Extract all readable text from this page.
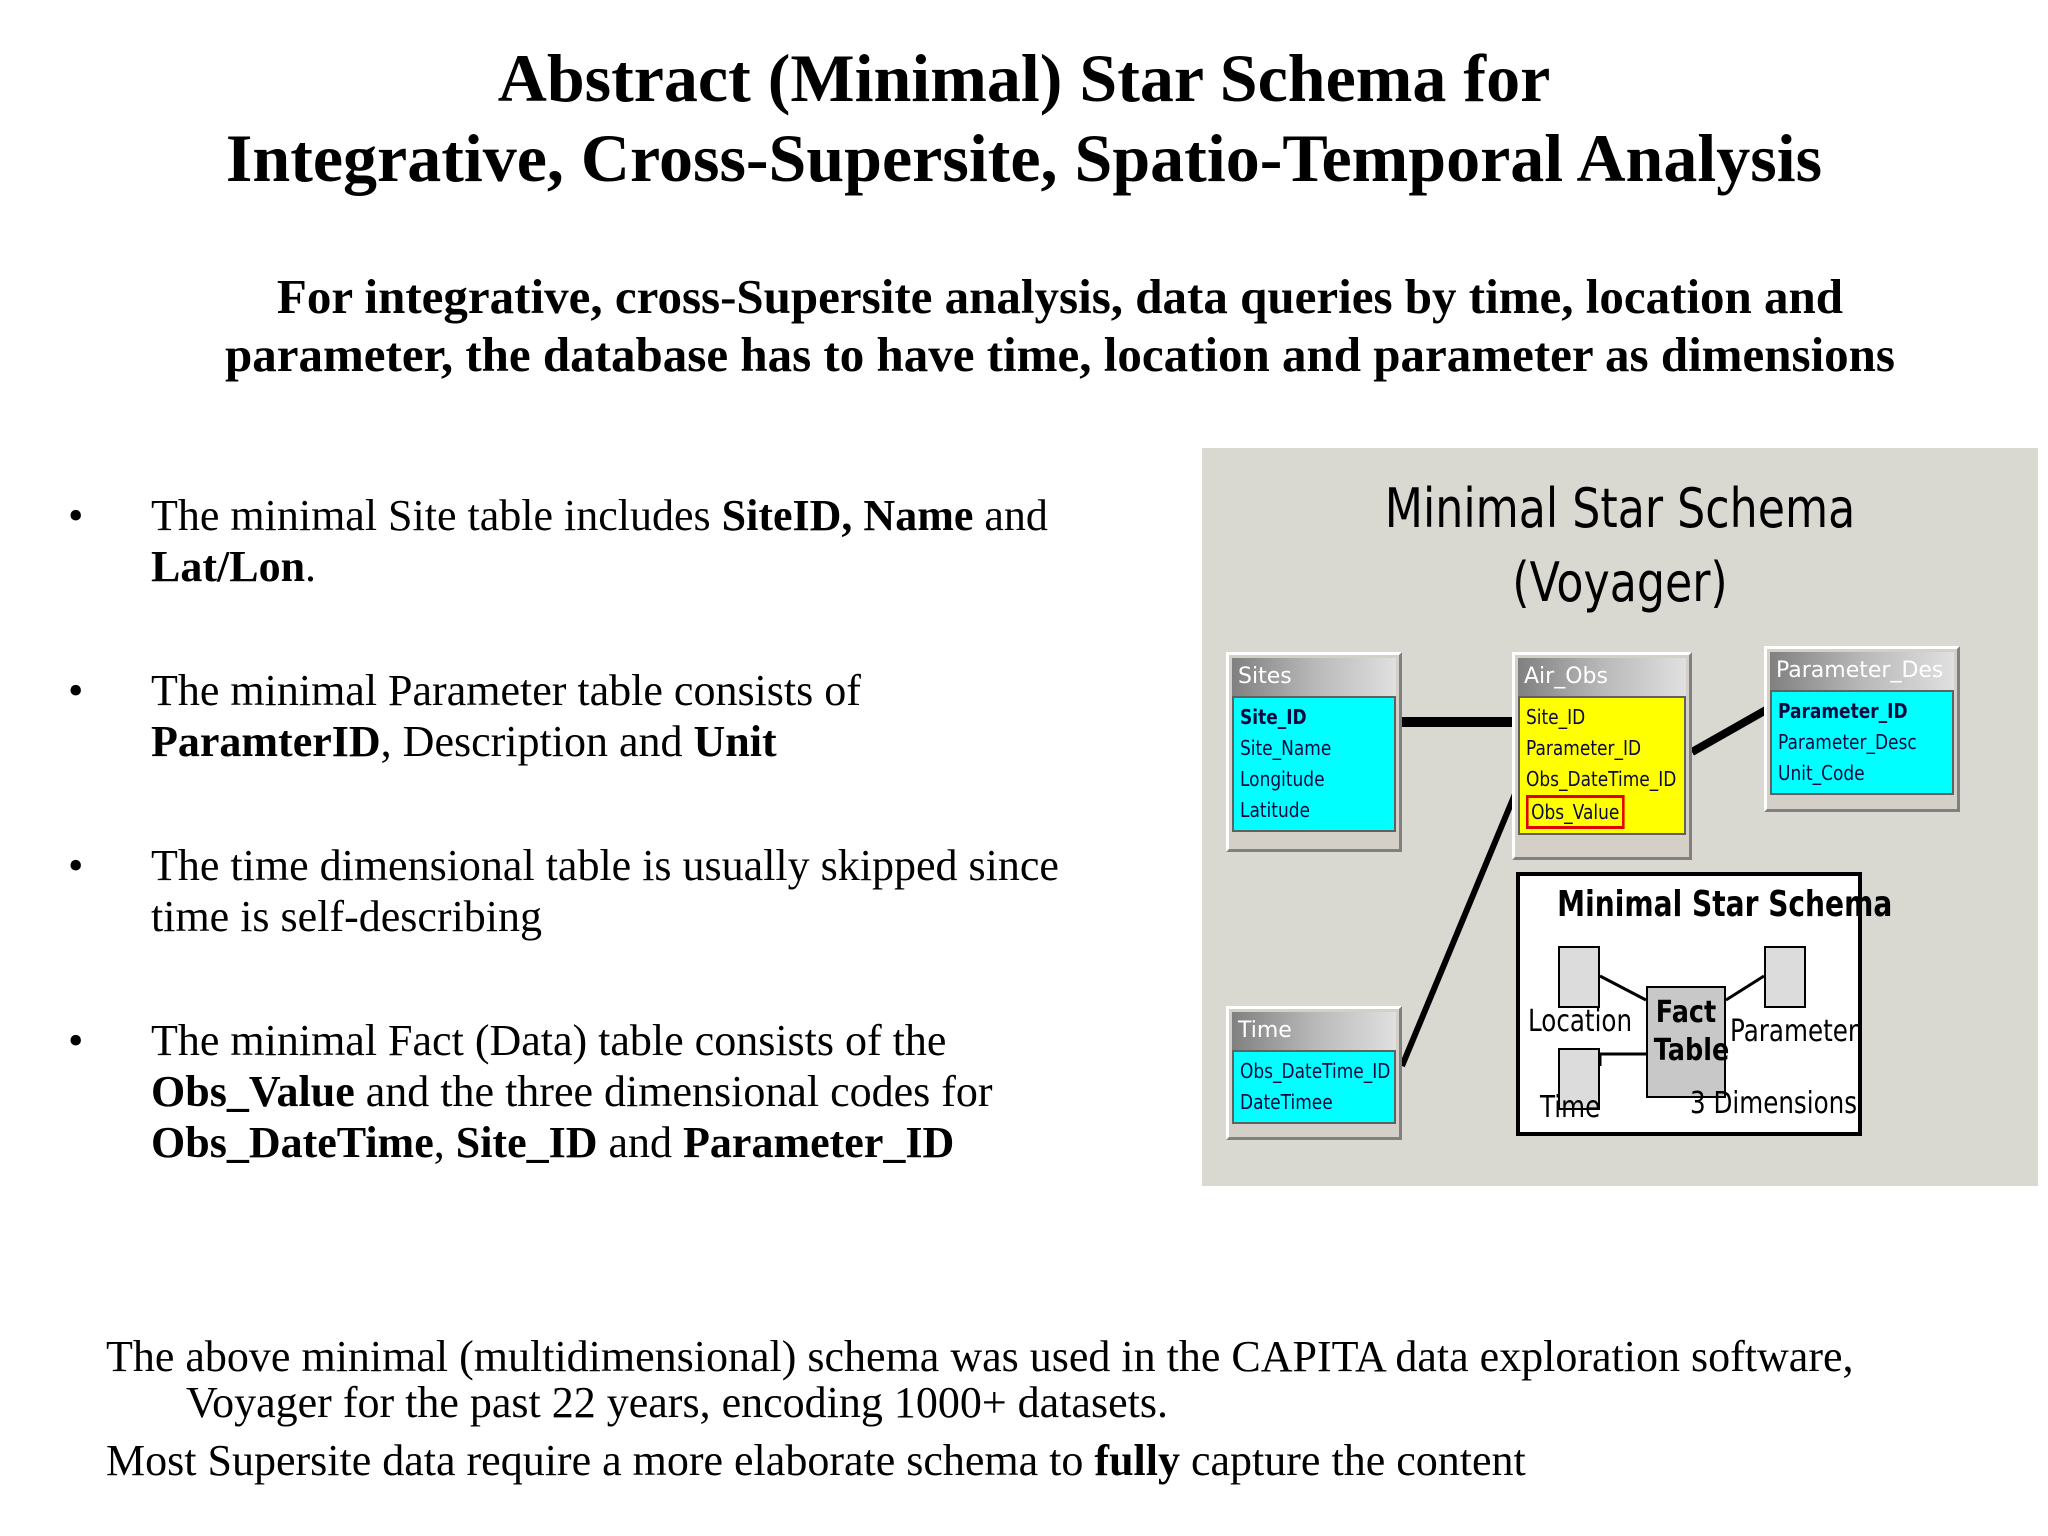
Abstract (Minimal) Star Schema for
Integrative, Cross-Supersite, Spatio-Temporal Analysis
For integrative, cross-Supersite analysis, data queries by time, location and
parameter, the database has to have time, location and parameter as dimensions
•	The minimal Site table includes SiteID, Name and Lat/Lon.
•	The minimal Parameter table consists of ParamterID, Description and Unit
•	The time dimensional table is usually skipped since time is self-describing
•	The minimal Fact (Data) table consists of the Obs_Value and the three dimensional codes for Obs_DateTime, Site_ID and Parameter_ID
Minimal Star Schema
(Voyager)
Sites
Site_ID
Site_Name
Longitude
Latitude
Air_Obs
Site_ID
Parameter_ID
Obs_DateTime_ID
Obs_Value
Parameter_Des
Parameter_ID
Parameter_Desc
Unit_Code
Time
Obs_DateTime_ID
DateTimee
Minimal Star Schema
Fact
Table
Location	Parameter
Time	3 Dimensions
The above minimal (multidimensional) schema was used in the CAPITA data exploration software,
Voyager for the past 22 years, encoding 1000+ datasets.
Most Supersite data require a more elaborate schema to fully capture the content
